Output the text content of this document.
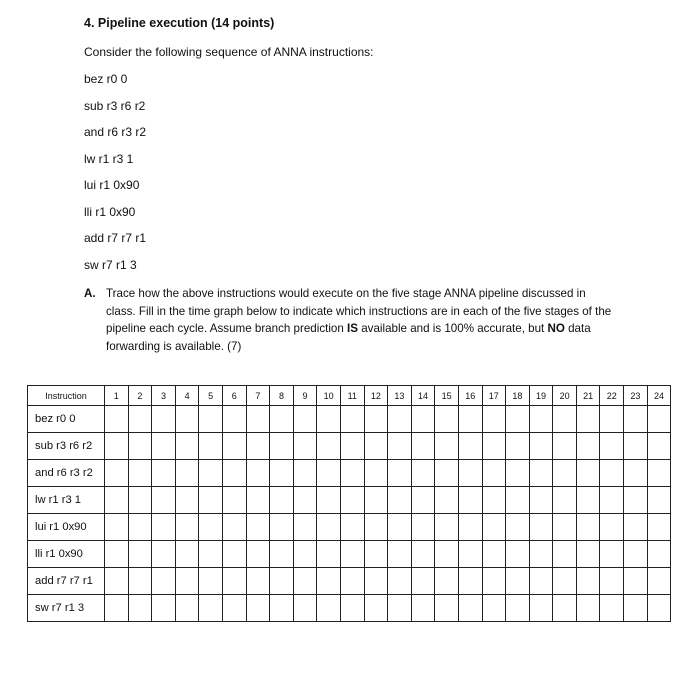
4. Pipeline execution (14 points)
Consider the following sequence of ANNA instructions:
bez r0 0
sub r3 r6 r2
and r6 r3 r2
lw r1 r3 1
lui r1 0x90
lli r1 0x90
add r7 r7 r1
sw r7 r1 3
A. Trace how the above instructions would execute on the five stage ANNA pipeline discussed in class. Fill in the time graph below to indicate which instructions are in each of the five stages of the pipeline each cycle. Assume branch prediction IS available and is 100% accurate, but NO data forwarding is available. (7)
Instruction	1	2	3	4	5	6	7	8	9	10	11	12	13	14	15	16	17	18	19	20	21	22	23	24
bez r0 0																								
sub r3 r6 r2																								
and r6 r3 r2																								
lw r1 r3 1																								
lui r1 0x90																								
lli r1 0x90																								
add r7 r7 r1																								
sw r7 r1 3																								
